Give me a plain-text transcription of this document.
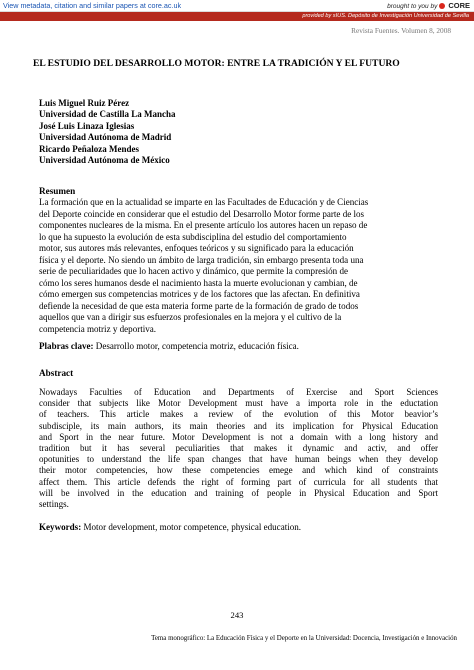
View metadata, citation and similar papers at core.ac.uk	brought to you by CORE
provided by sIUS. Depósito de Investigación Universidad de Sevilla
Revista Fuentes. Volumen 8, 2008
EL ESTUDIO DEL DESARROLLO MOTOR: ENTRE LA TRADICIÓN Y EL FUTURO
Luis Miguel Ruiz Pérez
Universidad de Castilla La Mancha
José Luis Linaza Iglesias
Universidad Autónoma de Madrid
Ricardo Peñaloza Mendes
Universidad Autónoma de México
Resumen

La formación que en la actualidad se imparte en las Facultades de Educación y de Ciencias

del Deporte coincide en considerar que el estudio del Desarrollo Motor forme parte de los

componentes nucleares de la misma. En el presente artículo los autores hacen un repaso de

lo que ha supuesto la evolución de esta subdisciplina del estudio del comportamiento

motor, sus autores más relevantes, enfoques teóricos y su significado para la educación

física y el deporte. No siendo un ámbito de larga tradición, sin embargo presenta toda una

serie de peculiaridades que lo hacen activo y dinámico, que permite la compresión de

cómo los seres humanos desde el nacimiento hasta la muerte evolucionan y cambian, de

cómo emergen sus competencias motrices y de los factores que las afectan. En definitiva

defiende la necesidad de que esta materia forme parte de la formación de grado de todos

aquellos que van a dirigir sus esfuerzos profesionales en la mejora y el cultivo de la

competencia motriz y deportiva.

Plabras clave: Desarrollo motor, competencia motriz, educación física.
Abstract
Nowadays Faculties of Education and Departments of Exercise and Sport Sciences
consider that subjects like Motor Development must have a importa role in the eductation
of teachers. This article makes a review of the evolution of this Motor beavior’s
subdisciple, its main authors, its main theories and its implication for Physical Education
and Sport in the near future. Motor Development is not a domain with a long history and
tradition but it has several peculiarities that makes it dynamic and activ, and offer
opotunities to understand the life span changes that have human beings when they develop
their motor competencies, how these competencies emege and which kind of constraints
affect them. This article defends the right of forming part of curricula for all students that
will be involved in the education and training of people in Physical Education and Sport
settings.
Keywords: Motor development, motor competence, physical education.
243
Tema monográfico: La Educación Física y el Deporte en la Universidad: Docencia, Investigación e Innovación
